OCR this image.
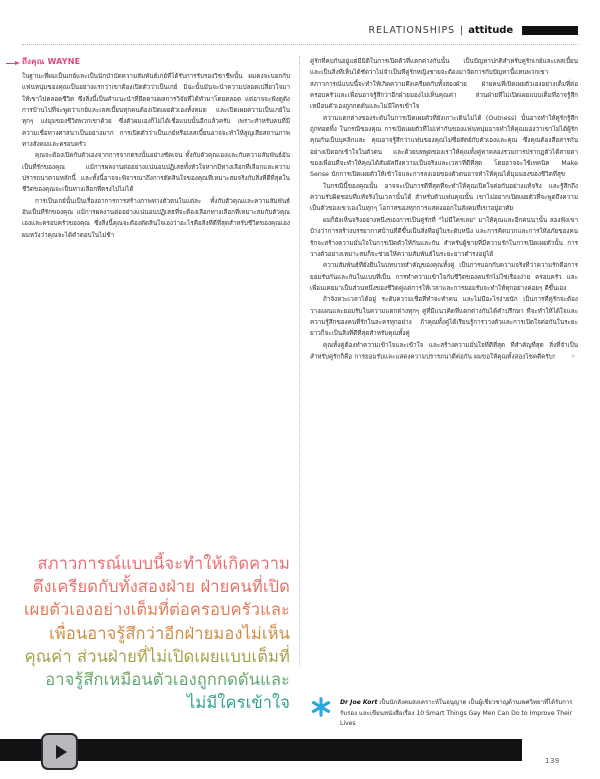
RELATIONSHIPS | attitude
ถึงคุณ WAYNE

ในฐานะที่ผมเป็นเกย์และเป็นนักบำบัดความสัมพันธ์เกย์ที่ได้รับการรับรองวิชาชีพนั้น ผมคงจะบอกกับแฟนหนุ่มของคุณเป็นอย่างแรกว่าเขาต้องเปิดตัวว่าเป็นเกย์ มิฉะนั้นมันจะนำความปลอดเปลี่ยวใจมาให้เขาไปตลอดชีวิต ซึ่งสิ่งนี้เป็นคำแนะนำที่ยึดตามผลการวิจัยที่ได้ทำมาโดยตลอด แต่อาจจะฟังดูดังการบ้านไปที่จะพูดว่าเกย์และเลสเบี้ยนทุกคนต้องเปิดเผยตัวเองทั้งหมด และเปิดเผยความเป็นเกย์ในทุกๆ แง่มุมของชีวิตพวกเขาด้วย ซึ่งตัวผมเองก็ไม่ได้เชื่อแบบนั้นอีกแล้วครับ เพราะสำหรับคนที่มีความเชื่อทางศาสนาเป็นอย่างมาก การเปิดตัวว่าเป็นเกย์หรือเลสเบี้ยนอาจจะทำให้สูญเสียสถานภาพทางสังคมและครอบครัว

คุณจะต้องเปิดกับตัวเองจากการจากตรงนั้นอย่างชัดเจน ทั้งกับตัวคุณเองและกับความสัมพันธ์อันเป็นที่รักของคุณ แม้การผลงานต่ออย่างแน่นอนปฏิเสธทั้งหัวใจหากมีทางเลือกที่เลือกและความปรารถนาตามหลักนี้ และทั้งนี้อาจจะพิจารณาถึงการตัดสินใจของคุณที่เหมาะสมจริงกับสิ่งที่ดีที่สุดในชีวิตของคุณจะเป็นทางเลือกที่ตรงไปไม่ได้

การเป็นเกย์นั้นเป็นเรื่องอาการการสร้างภาพทางตัวตนในแต่ละ ทั้งกับตัวคุณและความสัมพันธ์อันเป็นที่รักของคุณ แม้การผลงานต่ออย่างแน่นอนปฏิเสธที่จะต้องเลือกทางเลือกที่เหมาะสมกับตัวคุณเองและครอบครัวของคุณ ซึ่งสิ่งนี้คุณจะต้องตัดสินใจเองว่าอะไรคือสิ่งที่ดีที่สุดสำหรับชีวิตของคุณเอง ผมหวังว่าคุณจะได้คำตอบในไม่ช้า

คู่รักที่คบกันอยู่แต่มีมิติในการเปิดตัวที่แตกต่างกันนั้น เป็นปัญหาปกติสำหรับคู่รักเกย์และเลสเบี้ยน และเป็นสิ่งที่เห็นได้ชัดว่าไม่จำเป็นที่คู่รักหญิงชายจะต้องมาจัดการกับปัญหานี้แทนพวกเขา สภาวการณ์แบบนี้จะทำให้เกิดความตึงเครียดกับทั้งสองฝ่าย ฝ่ายคนที่เปิดเผยตัวเองอย่างเต็มที่ต่อครอบครัวและเพื่อนอาจรู้สึกว่าอีกฝ่ายมองไม่เห็นคุณค่า ส่วนฝ่ายที่ไม่เปิดเผยแบบเต็มที่อาจรู้สึกเหมือนตัวเองถูกกดดันและไม่มีใครเข้าใจ

ความแตกต่างของระดับในการเปิดเผยตัวที่ยังเกาะเดินไม่ได้ (Outness) นั้นอาจทำให้คู่รักรู้สึกถูกทอดทิ้ง ในกรณีของคุณ การเปิดเผยตัวที่ไม่เท่ากันของแฟนหนุ่มอาจทำให้คุณมองว่าเขาไม่ได้ผู้รักคุณกันเป็นบุคลิกและ คุณอาจรู้สึกว่าแฟนของคุณไม่ซื่อสัตย์กับตัวเองและคุณ ซึ่งคุณต้องสื่อสารกันอย่างเปิดอกเข้าใจในตัวตน และด้วยบทพูดของเราให้คุณทั้งคู่หาคลองรวมการปรากฏตัวได้สายตาของเพื่อนที่จะทำให้คุณได้สัมผัสถึงความเป็นจริงและเวลาที่ดีที่สุด โดยอาจจะใช้เทคนิค Make Sense นักการเปิดเผยตัวให้เข้าใจและการลงเอยของตัวตนอาจทำให้คุณได้มุมมองของชีวิตที่สุข

ในกรณีนี้ของคุณนั้น อาจจะเป็นการดีที่สุดที่จะทำให้คุณเปิดใจต่อกันอย่างแท้จริง และรู้สึกถึงความรับผิดชอบที่แท้จริงในเวลานั้นได้ สำหรับตัวแฟนคุณนั้น เขาไม่อยากเปิดเผยตัวที่จะพูดถึงความเป็นตัวของเขาเองในทุกๆ โอกาสของทุกการแสดงออกในสังคมที่เขาอยู่อาศัย

ผมก็ยังเห็นจริงอย่างหนึ่งของการเป็นคู่รักที่ "ไม่มีใครเลย" มาให้คุณและอีกคนนานั้น ลองฟังเขาบ้างว่าการสร้างบรรยากาศบ้านที่ดีขึ้นเป็นสิ่งที่อยู่ในระดับหนึ่ง และการคิดบวกและการให้อภัยของคนรักจะสร้างความมั่นใจในการเปิดตัวให้กันและกัน สำหรับผู้ชายที่มีความรักในการเปิดเผยตัวนั้น การวางตัวอย่างเหมาะสมก็จะช่วยให้ความสัมพันธ์ในระยะยาวดำรงอยู่ได้

ความสัมพันธ์ที่ยั่งยืนในบทบาทสำคัญของคุณทั้งคู่ เป็นการบอกกับความจริงที่ว่าความรักคือการยอมรับกันและกันในแบบที่เป็น การทำความเข้าใจกับชีวิตของคนรักไม่ใช่เรื่องง่าย ครอบครัว และเพื่อนเคยมาเป็นส่วนหนึ่งของชีวิตคู่แต่การให้เวลาและการยอมรับจะทำให้ทุกอย่างค่อยๆ ดีขึ้นเอง

ถ้าจังหวะเวลาได้อยู่ ระดับความเชื่อที่ทำจะทำคน และไม่มีอะไรง่ายนัก เป็นการที่คู่รักจะต้องวางแผนและยอมรับในความแตกต่างทุกๆ คู่ที่มีแนวคิดที่แตกต่างกันได้คำปรึกษา ที่จะทำให้ได้ใจและความรู้สึกของคนที่รักในละครทุกอย่าง ถ้าคุณทั้งคู่ได้เรียนรู้การวางตัวและการเปิดใจต่อกันในระยะยาวก็จะเป็นสิ่งที่ดีที่สุดสำหรับคุณทั้งคู่

คุณทั้งคู่ต้องทำความเข้าใจและเข้าใจ และสร้างความมั่นใจที่ดีที่สุด ที่สำคัญที่สุด สิ่งที่จำเป็นสำหรับคู่รักก็คือ การยอมรับและแสดงความปรารถนาดีต่อกัน ผมขอให้คุณทั้งสองโชคดีครับ!	»

สภาวการณ์แบบนี้จะทำให้เกิดความตึงเครียดกับทั้งสองฝ่าย ฝ่ายคนที่เปิดเผยตัวเองอย่างเต็มที่ต่อครอบครัวและเพื่อนอาจรู้สึกว่าอีกฝ่ายมองไม่เห็นคุณค่า ส่วนฝ่ายที่ไม่เปิดเผยแบบเต็มที่อาจรู้สึกเหมือนตัวเองถูกกดดันและไม่มีใครเข้าใจ	Dr Joe Kort เป็นนักสังคมสงเคราะห์ในอนุญาต เป็นผู้เชี่ยวชาญด้านเพศวิทยาที่ได้รับการรับรอง และเขียนหนังสือเรื่อง 10 Smart Things Gay Men Can Do to Improve Their Lives
139
